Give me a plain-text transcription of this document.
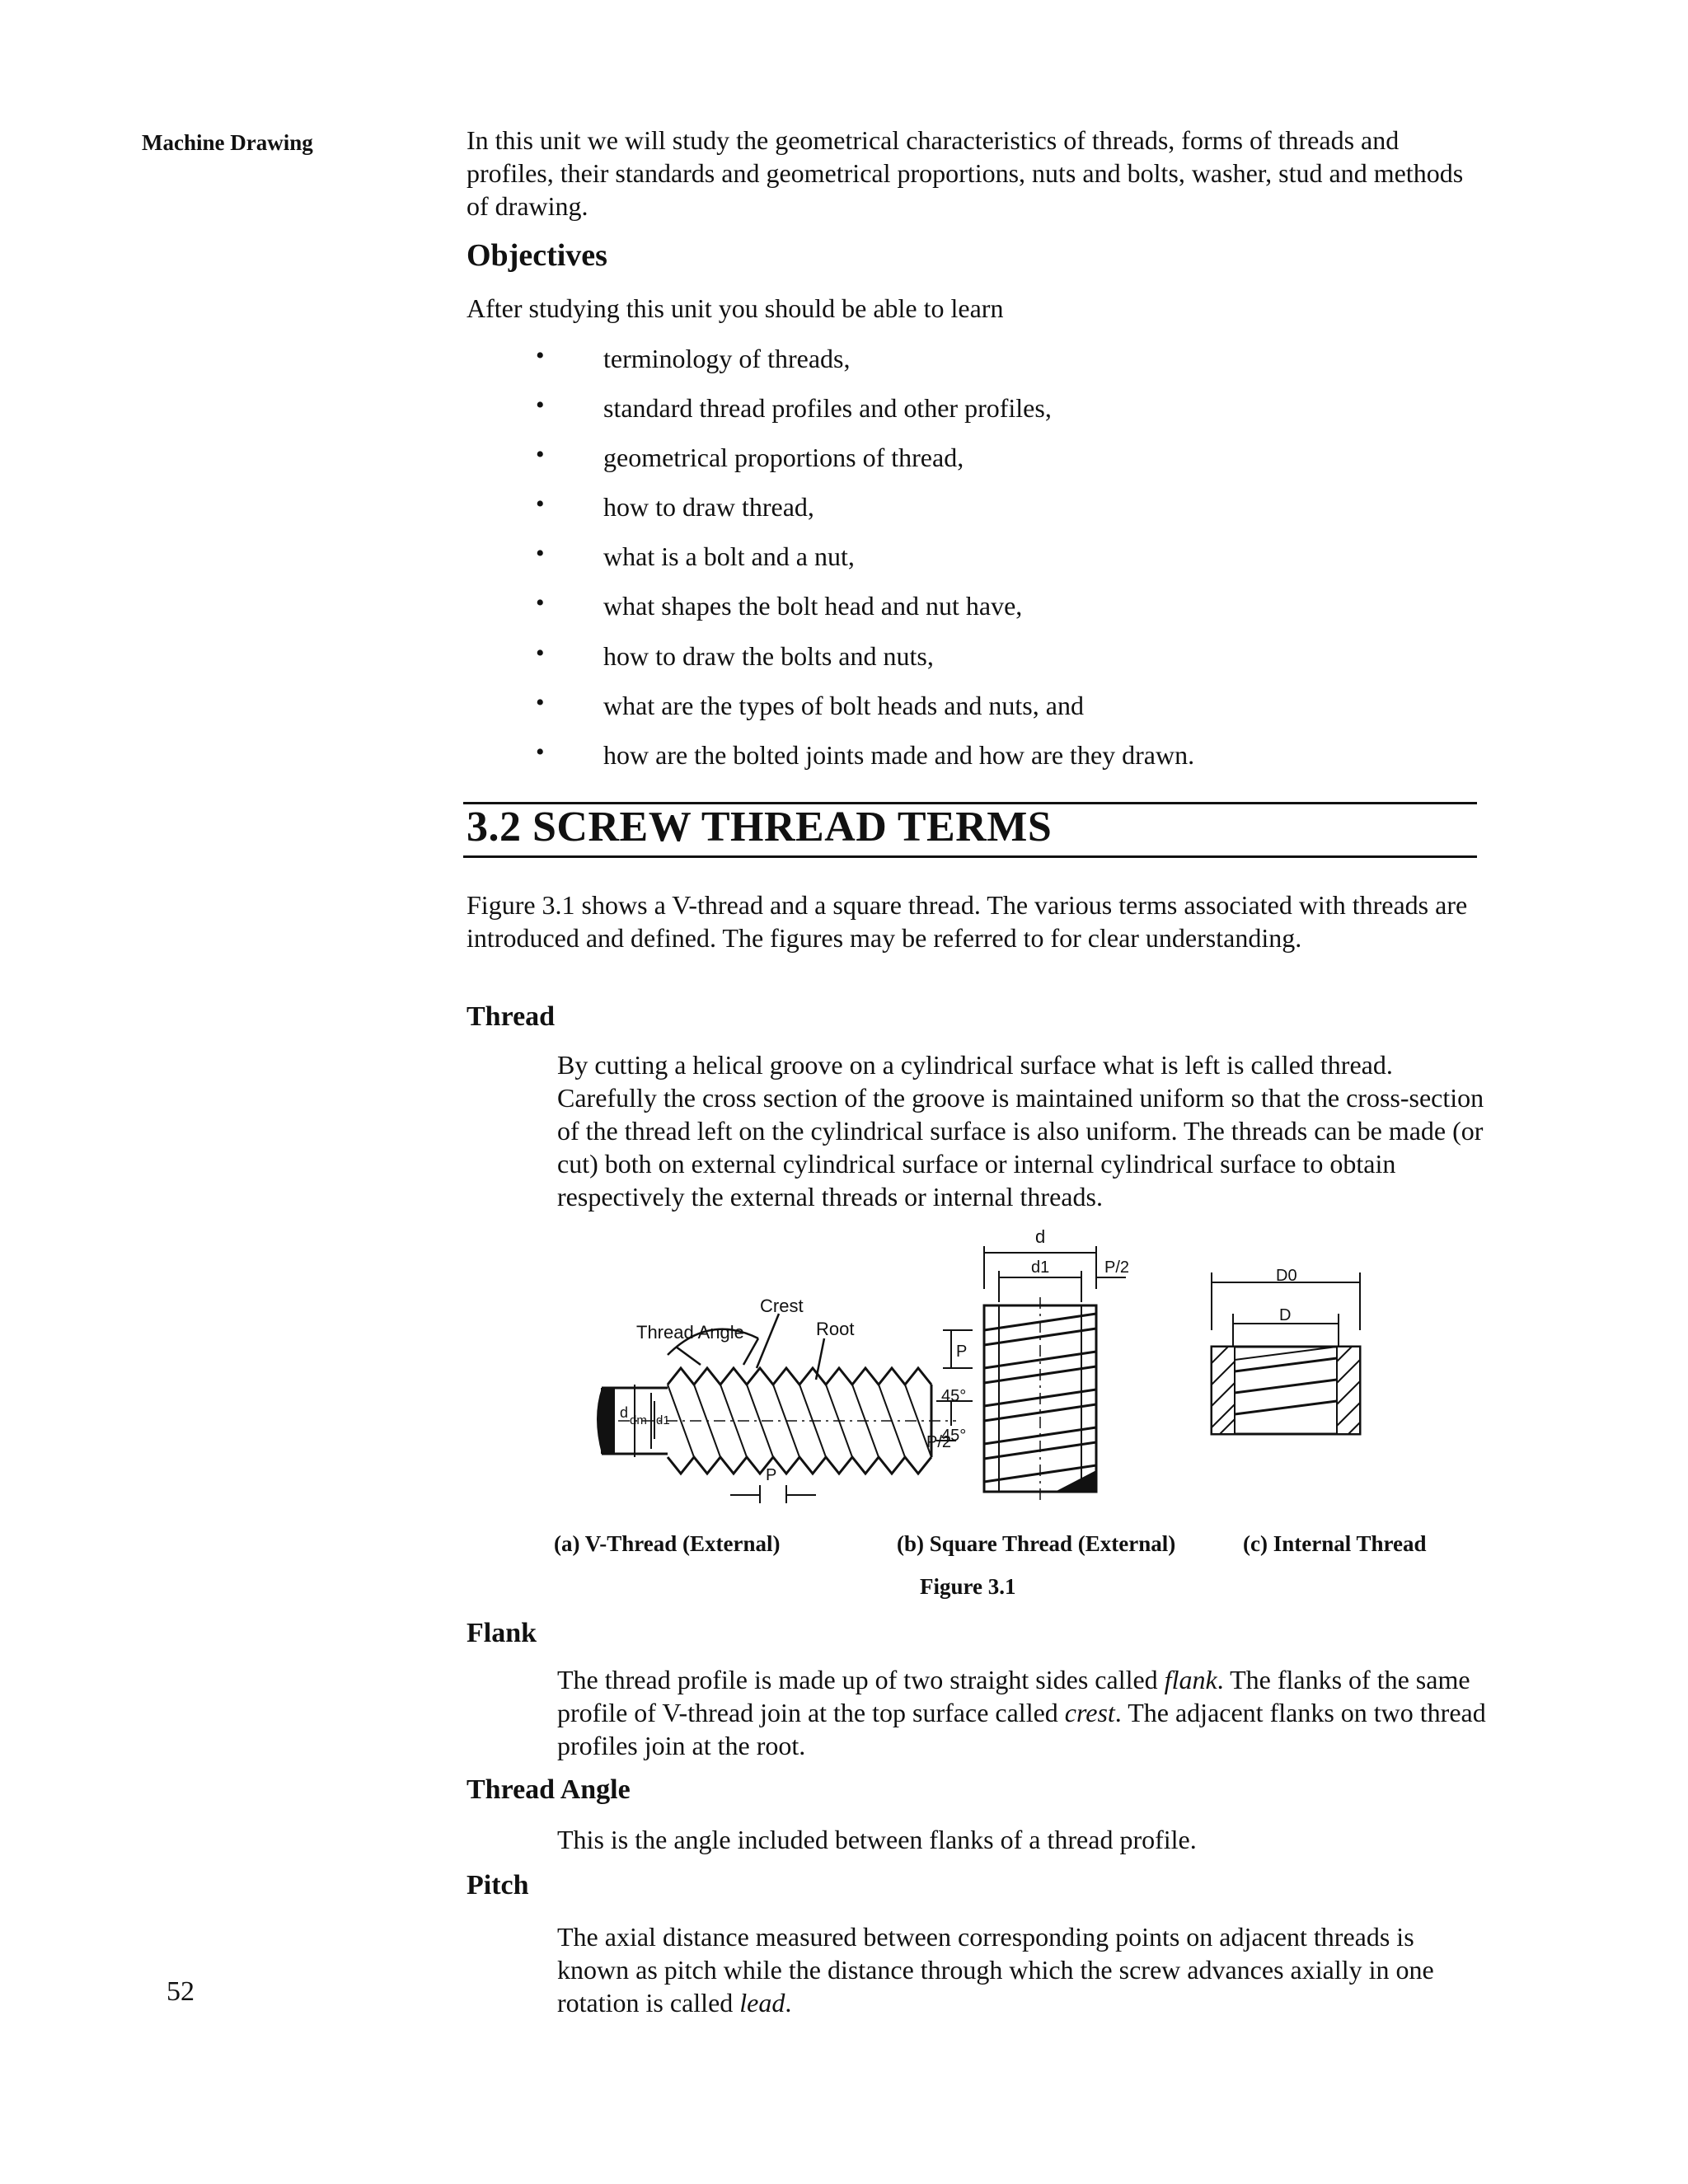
Machine Drawing
52

In this unit we will study the geometrical characteristics of threads, forms of threads and profiles, their standards and geometrical proportions, nuts and bolts, washer, stud and methods of drawing.

Objectives

After studying this unit you should be able to learn

• terminology of threads,
• standard thread profiles and other profiles,
• geometrical proportions of thread,
• how to draw thread,
• what is a bolt and a nut,
• what shapes the bolt head and nut have,
• how to draw the bolts and nuts,
• what are the types of bolt heads and nuts, and
• how are the bolted joints made and how are they drawn.
3.2 SCREW THREAD TERMS

Figure 3.1 shows a V-thread and a square thread. The various terms associated with threads are introduced and defined. The figures may be referred to for clear understanding.

Thread

By cutting a helical groove on a cylindrical surface what is left is called thread. Carefully the cross section of the groove is maintained uniform so that the cross-section of the thread left on the cylindrical surface is also uniform. The threads can be made (or cut) both on external cylindrical surface or internal cylindrical surface to obtain respectively the external threads or internal threads.

Thread Angle
Crest
Root
45°
45°
d dm d1
P
d
d1	P/2
P
P/2
D0
D
(a) V-Thread (External)	(b) Square Thread (External)	(c) Internal Thread
Figure 3.1
Flank

The thread profile is made up of two straight sides called flank. The flanks of the same profile of V-thread join at the top surface called crest. The adjacent flanks on two thread profiles join at the root.

Thread Angle

This is the angle included between flanks of a thread profile.

Pitch

The axial distance measured between corresponding points on adjacent threads is known as pitch while the distance through which the screw advances axially in one rotation is called lead.
